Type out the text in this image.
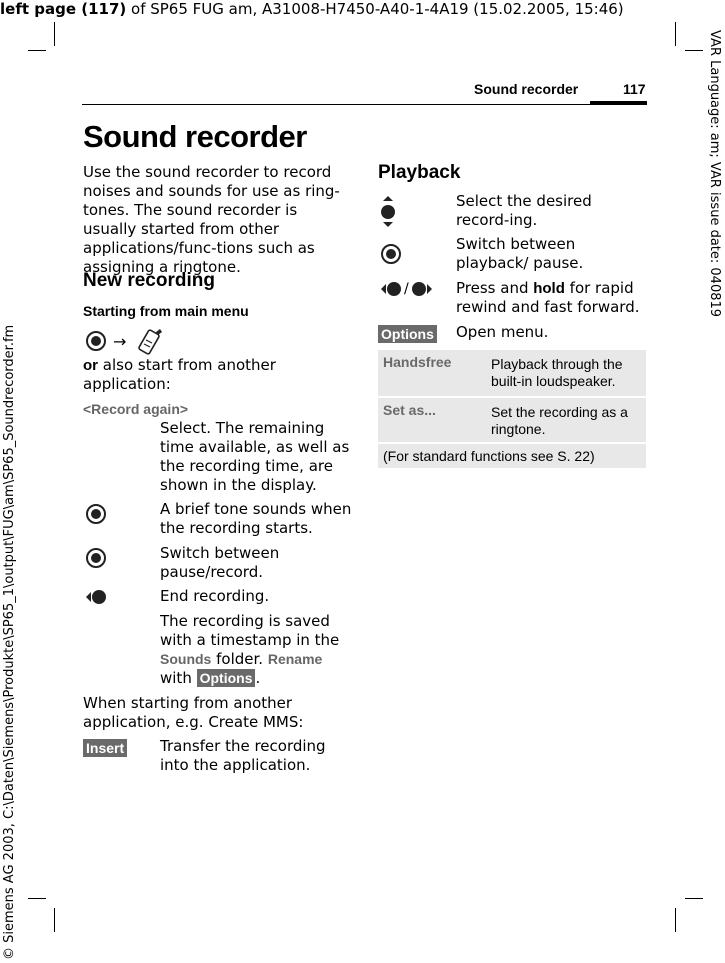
left page (117) of SP65 FUG am, A31008-H7450-A40-1-4A19 (15.02.2005, 15:46)
VAR Language: am; VAR issue date: 040819
© Siemens AG 2003, C:\Daten\Siemens\Produkte\SP65_1\output\FUG\am\SP65_Soundrecorder.fm
Sound recorder	117
Sound recorder
Use the sound recorder to record noises and sounds for use as ring-tones. The sound recorder is usually started from other applications/func-tions such as assigning a ringtone.
New recording
Starting from main menu
→
or also start from another application:
<Record again>
Select. The remaining time available, as well as the recording time, are shown in the display.
A brief tone sounds when the recording starts.
Switch between pause/record.
End recording.
The recording is saved with a timestamp in the Sounds folder. Rename
with Options .
When starting from another application, e.g. Create MMS:
Insert Transfer the recording into the application.
Playback
Select the desired record-ing.
Switch between playback/ pause.
/	Press and hold for rapid rewind and fast forward.
Options Open menu.
Handsfree	Playback through the built-in loudspeaker.
Set as...	Set the recording as a ringtone.
(For standard functions see S. 22)
